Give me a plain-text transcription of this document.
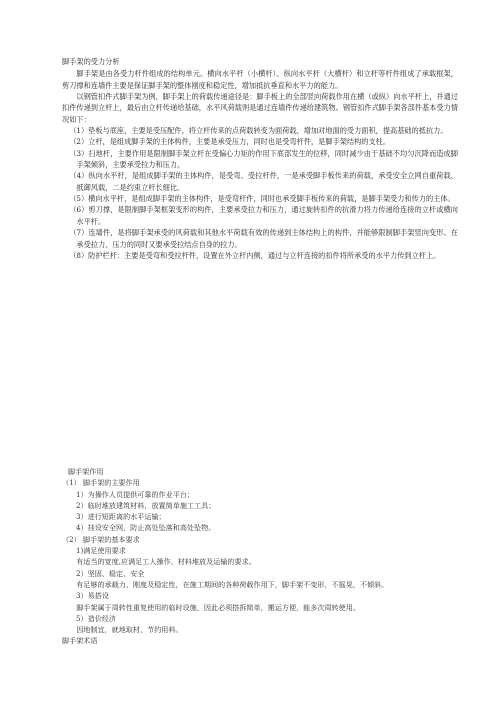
脚手架的受力分析

脚手架是由各受力杆件组成的结构单元。横向水平杆（小横杆）、纵向水平杆（大横杆）和立杆等杆件组成了承载框架，剪刀撑和连墙件主要是保证脚手架的整体刚度和稳定性，增加抵抗垂直和水平力的能力。

以钢管扣件式脚手架为例，脚手架上的荷载传递途径是：脚手板上的全部竖向荷载作用在横（或纵）向水平杆上，并通过扣件传递到立杆上，最后由立杆传递给基础，水平风荷载则是通过连墙件传递给建筑物。钢管扣件式脚手架各部件基本受力情况如下：

（1）垫板与底座，主要是受压配件，将立杆传来的点荷载转变为面荷载，增加对地面的受力面积，提高基础的抵抗力。

（2）立杆，是组成脚手架的主体构件，主要是承受压力，同时也是受弯杆件，是脚手架结构的支柱。

（3）扫地杆，主要作用是限制脚手架立杆在受偏心力矩的作用下底部发生的位移，同时减少由于基础不均匀沉降而造成脚手架倾斜，主要承受拉力和压力。

（4）纵向水平杆，是组成脚手架的主体构件，是受弯、受拉杆件，一是承受脚手板传来的荷载，承受安全立网自重荷载、抵御风载，二是约束立杆长细比。

（5）横向水平杆，是组成脚手架的主体构件，是受弯杆件，同时也承受脚手板传来的荷载，是脚手架受力和传力的主体。

（6）剪刀撑，是限制脚手架框架变形的构件，主要承受拉力和压力，通过旋转扣件的抗滑力将力传递给连接的立杆或横向水平杆。

（7）连墙件，是将脚手架承受的风荷载和其他水平荷载有效的传递到主体结构上的构件，并能够限制脚手架竖向变形。在承受拉力、压力的同时又要承受拉结点自身的拉力。

（8）防护栏杆：主要是受弯和受拉杆件，设置在外立杆内侧，通过与立杆连接的扣件将所承受的水平力传到立杆上。

脚手架作用

（1） 脚手架的主要作用

1）为操作人员提供可靠的作业平台；

2）临时堆放建筑材料，放置简单施工工具；

3）进行短距离的水平运输；

4）挂设安全网，防止高处坠落和高处坠物。

（2） 脚手架的基本要求

1)满足使用要求

有适当的宽度,应满足工人操作、材料堆放及运输的要求。

2）坚固、稳定、安全

有足够的承载力、刚度及稳定性，在施工期间的各种荷载作用下，脚手架不变形，不摇晃，不倾斜。

3）易搭设

脚手架属于周转性重复使用的临时设施，因此必须搭拆简单，搬运方便，能多次周转使用。

5）造价经济

因地制宜，就地取材，节约用料。

脚手架术语
